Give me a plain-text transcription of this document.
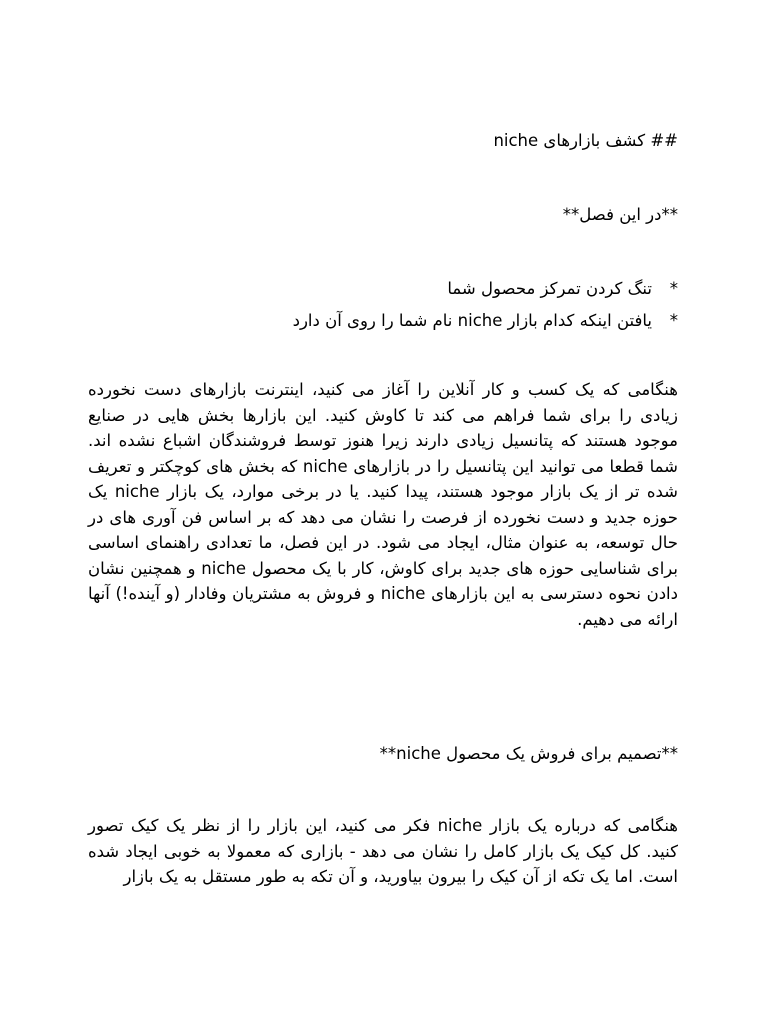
## کشف بازارهای niche
**در این فصل**
*
تنگ کردن تمرکز محصول شما
*
یافتن اینکه کدام بازار niche نام شما را روی آن دارد

هنگامی که یک کسب و کار آنلاین را آغاز می کنید، اینترنت بازارهای دست نخورده زیادی را برای شما فراهم می کند تا کاوش کنید. این بازارها بخش هایی در صنایع موجود هستند که پتانسیل زیادی دارند زیرا هنوز توسط فروشندگان اشباع نشده اند. شما قطعا می توانید این پتانسیل را در بازارهای niche که بخش های کوچکتر و تعریف شده تر از یک بازار موجود هستند، پیدا کنید. یا در برخی موارد، یک بازار niche یک حوزه جدید و دست نخورده از فرصت را نشان می دهد که بر اساس فن آوری های در حال توسعه، به عنوان مثال، ایجاد می شود. در این فصل، ما تعدادی راهنمای اساسی برای شناسایی حوزه های جدید برای کاوش، کار با یک محصول niche و همچنین نشان دادن نحوه دسترسی به این بازارهای niche و فروش به مشتریان وفادار (و آینده!) آنها ارائه می دهیم.

**تصمیم برای فروش یک محصول niche**

هنگامی که درباره یک بازار niche فکر می کنید، این بازار را از نظر یک کیک تصور کنید. کل کیک یک بازار کامل را نشان می دهد - بازاری که معمولا به خوبی ایجاد شده است. اما یک تکه از آن کیک را بیرون بیاورید، و آن تکه به طور مستقل به یک بازار
